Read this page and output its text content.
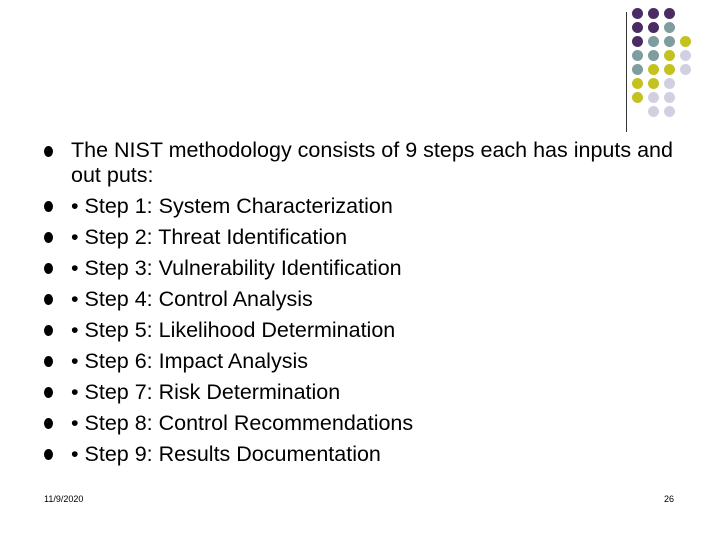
The NIST methodology consists of 9 steps each has inputs and out puts:
• Step 1: System Characterization
• Step 2: Threat Identification
• Step 3: Vulnerability Identification
• Step 4: Control Analysis
• Step 5: Likelihood Determination
• Step 6: Impact Analysis
• Step 7: Risk Determination
• Step 8: Control Recommendations
• Step 9: Results Documentation
11/9/2020	26
